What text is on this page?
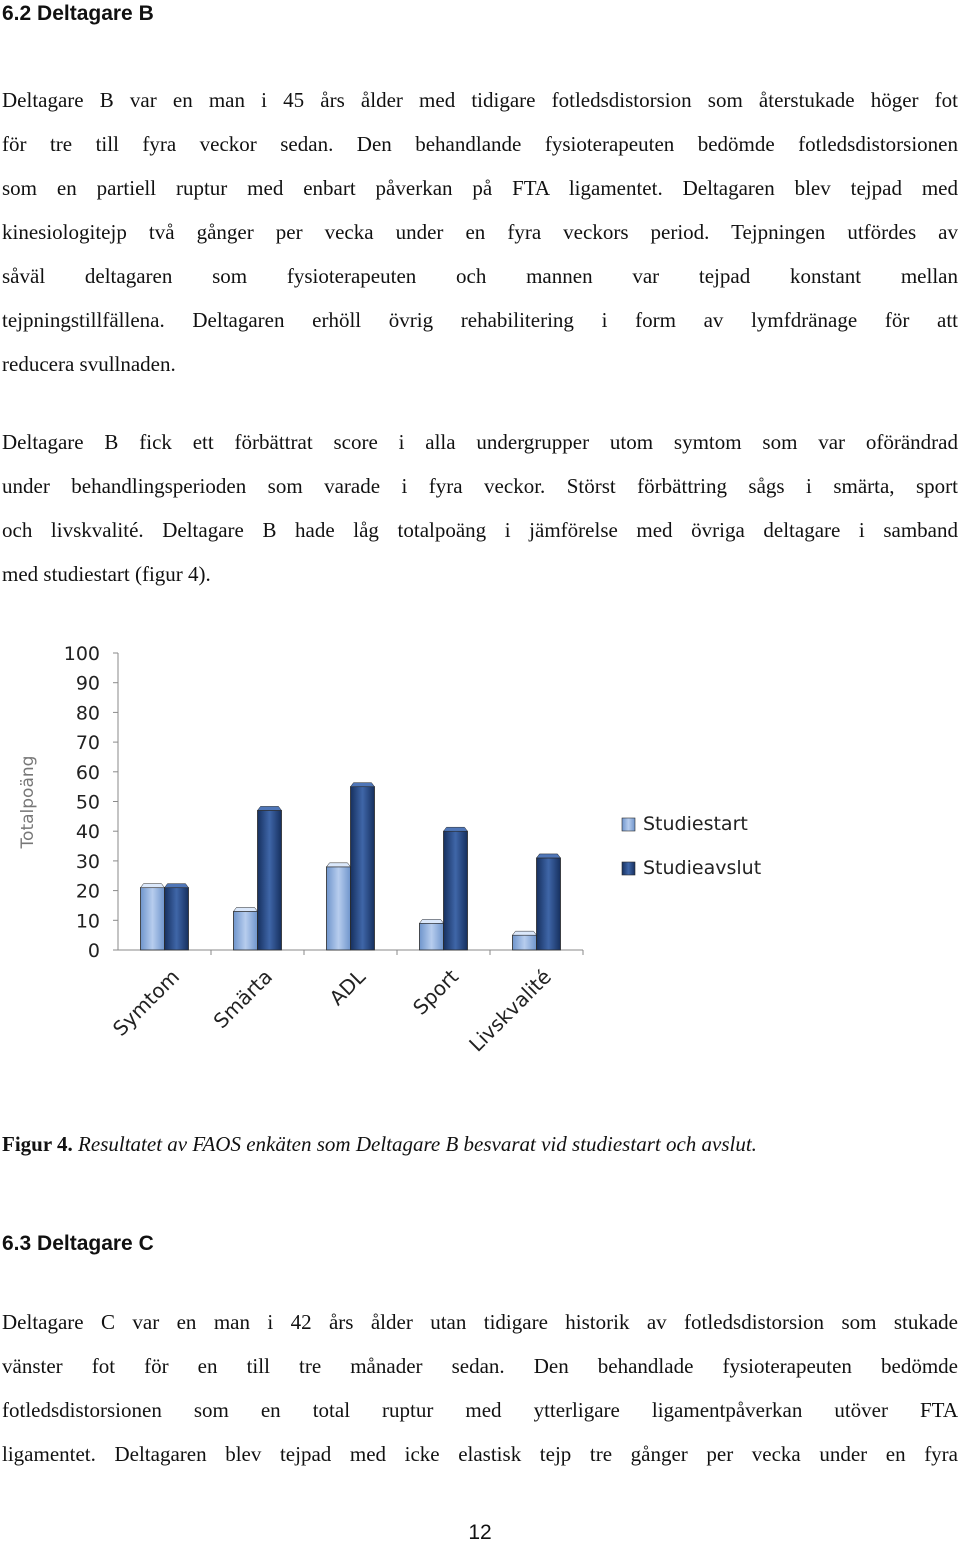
6.2 Deltagare B
Deltagare B var en man i 45 års ålder med tidigare fotledsdistorsion som återstukade höger fot
för tre till fyra veckor sedan. Den behandlande fysioterapeuten bedömde fotledsdistorsionen
som en partiell ruptur med enbart påverkan på FTA ligamentet. Deltagaren blev tejpad med
kinesiologitejp två gånger per vecka under en fyra veckors period. Tejpningen utfördes av
såväl deltagaren som fysioterapeuten och mannen var tejpad konstant mellan
tejpningstillfällena. Deltagaren erhöll övrig rehabilitering i form av lymfdränage för att
reducera svullnaden.
Deltagare B fick ett förbättrat score i alla undergrupper utom symtom som var oförändrad
under behandlingsperioden som varade i fyra veckor. Störst förbättring sågs i smärta, sport
och livskvalité. Deltagare B hade låg totalpoäng i jämförelse med övriga deltagare i samband
med studiestart (figur 4).
0
10
20
30
40
50
60
70
80
90
100
Totalpoäng
Symtom Smärta ADL Sport Livskvalité
Studiestart
Studieavslut

Figur 4. Resultatet av FAOS enkäten som Deltagare B besvarat vid studiestart och avslut.

6.3 Deltagare C
Deltagare C var en man i 42 års ålder utan tidigare historik av fotledsdistorsion som stukade
vänster fot för en till tre månader sedan. Den behandlade fysioterapeuten bedömde
fotledsdistorsionen som en total ruptur med ytterligare ligamentpåverkan utöver FTA
ligamentet. Deltagaren blev tejpad med icke elastisk tejp tre gånger per vecka under en fyra
12
